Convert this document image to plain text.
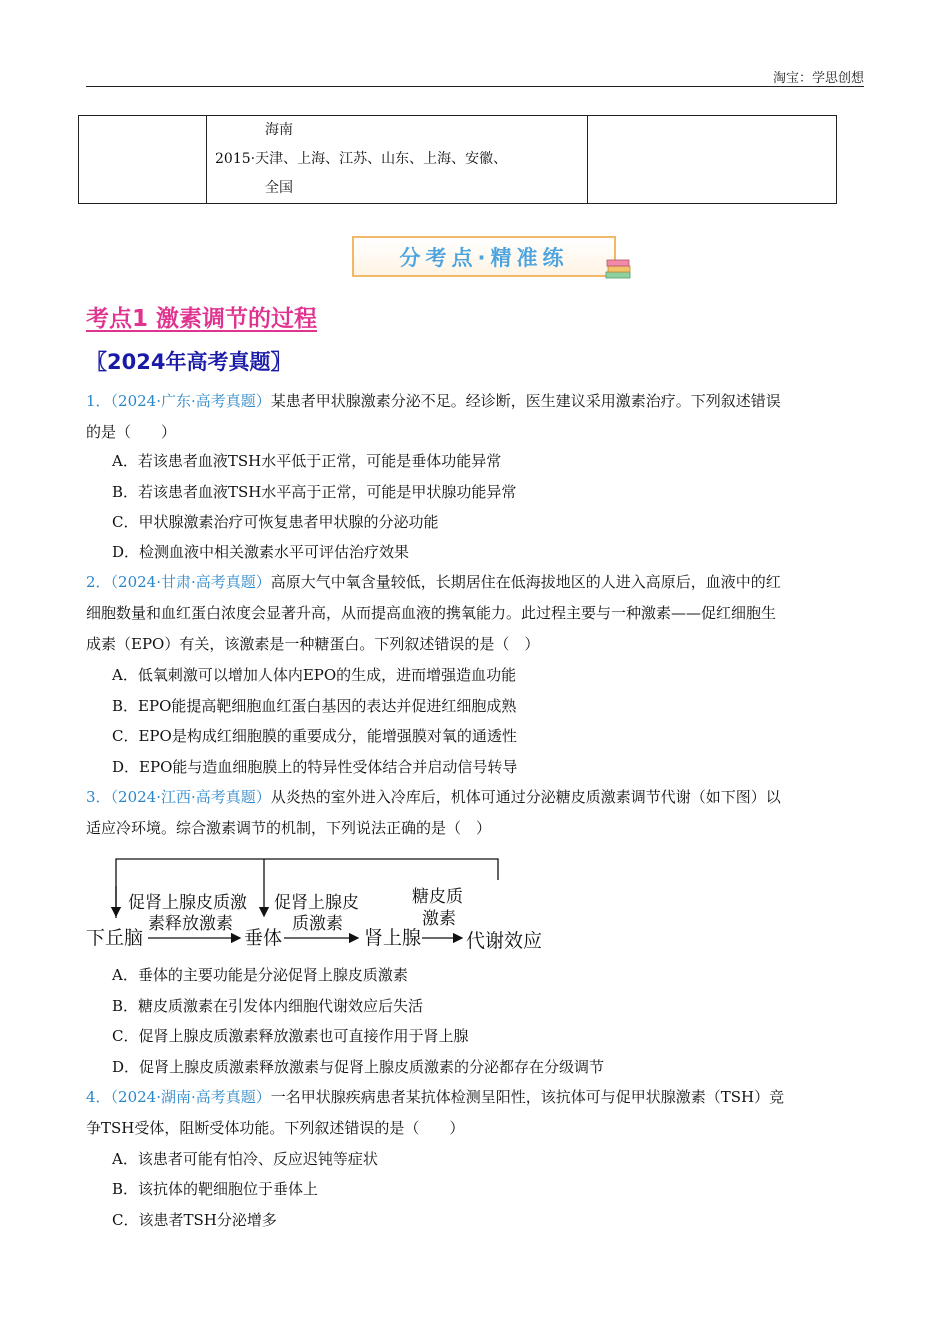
淘宝：学思创想

海南
2015·天津、上海、江苏、山东、上海、安徽、
全国

分考点·精准练
考点1 激素调节的过程
〖2024年高考真题〗
1．（2024·广东·高考真题）某患者甲状腺激素分泌不足。经诊断，医生建议采用激素治疗。下列叙述错误
的是（　　）
A．若该患者血液TSH水平低于正常，可能是垂体功能异常
B．若该患者血液TSH水平高于正常，可能是甲状腺功能异常
C．甲状腺激素治疗可恢复患者甲状腺的分泌功能
D．检测血液中相关激素水平可评估治疗效果
2．（2024·甘肃·高考真题）高原大气中氧含量较低，长期居住在低海拔地区的人进入高原后，血液中的红
细胞数量和血红蛋白浓度会显著升高，从而提高血液的携氧能力。此过程主要与一种激素——促红细胞生
成素（EPO）有关，该激素是一种糖蛋白。下列叙述错误的是（　）
A．低氧刺激可以增加人体内EPO的生成，进而增强造血功能
B．EPO能提高靶细胞血红蛋白基因的表达并促进红细胞成熟
C．EPO是构成红细胞膜的重要成分，能增强膜对氧的通透性
D．EPO能与造血细胞膜上的特异性受体结合并启动信号转导
3．（2024·江西·高考真题）从炎热的室外进入冷库后，机体可通过分泌糖皮质激素调节代谢（如下图）以
适应冷环境。综合激素调节的机制，下列说法正确的是（　）
下丘脑	垂体	肾上腺 代谢效应
促肾上腺皮质激
素释放激素
促肾上腺皮
质激素
糖皮质
激素
A．垂体的主要功能是分泌促肾上腺皮质激素
B．糖皮质激素在引发体内细胞代谢效应后失活
C．促肾上腺皮质激素释放激素也可直接作用于肾上腺
D．促肾上腺皮质激素释放激素与促肾上腺皮质激素的分泌都存在分级调节
4．（2024·湖南·高考真题）一名甲状腺疾病患者某抗体检测呈阳性，该抗体可与促甲状腺激素（TSH）竞
争TSH受体，阻断受体功能。下列叙述错误的是（　　）
A．该患者可能有怕冷、反应迟钝等症状
B．该抗体的靶细胞位于垂体上
C．该患者TSH分泌增多
